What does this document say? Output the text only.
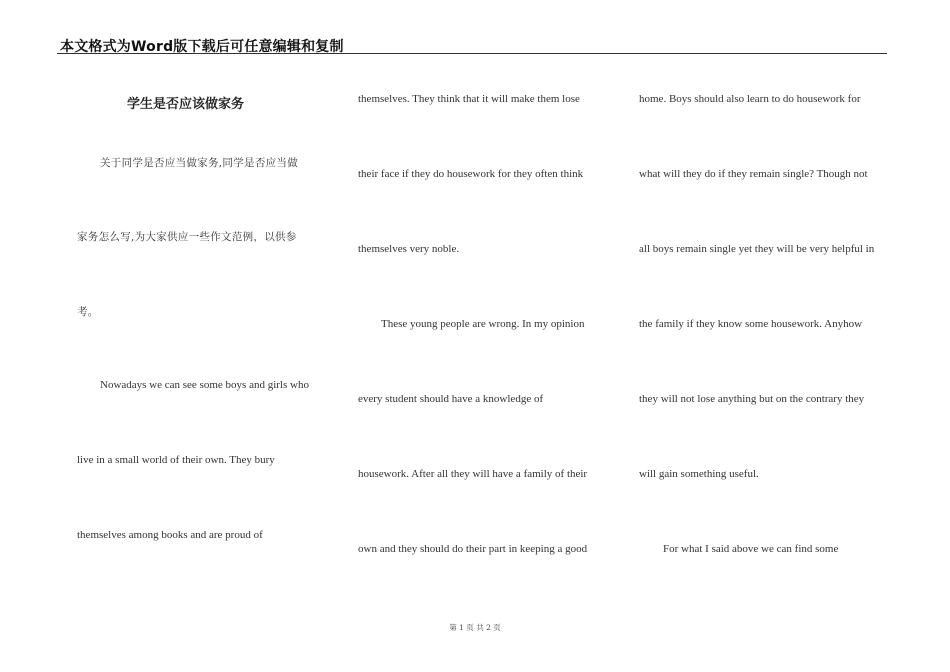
本文格式为Word版下载后可任意编辑和复制
学生是否应该做家务
关于同学是否应当做家务,同学是否应当做
家务怎么写,为大家供应一些作文范例，以供参
考。
Nowadays we can see some boys and girls who
live in a small world of their own. They bury
themselves among books and are proud of
themselves. They think that it will make them lose
their face if they do housework for they often think
themselves very noble.
These young people are wrong. In my opinion
every student should have a knowledge of
housework. After all they will have a family of their
own and they should do their part in keeping a good
home. Boys should also learn to do housework for
what will they do if they remain single? Though not
all boys remain single yet they will be very helpful in
the family if they know some housework. Anyhow
they will not lose anything but on the contrary they
will gain something useful.
For what I said above we can find some
第 1 页 共 2 页
